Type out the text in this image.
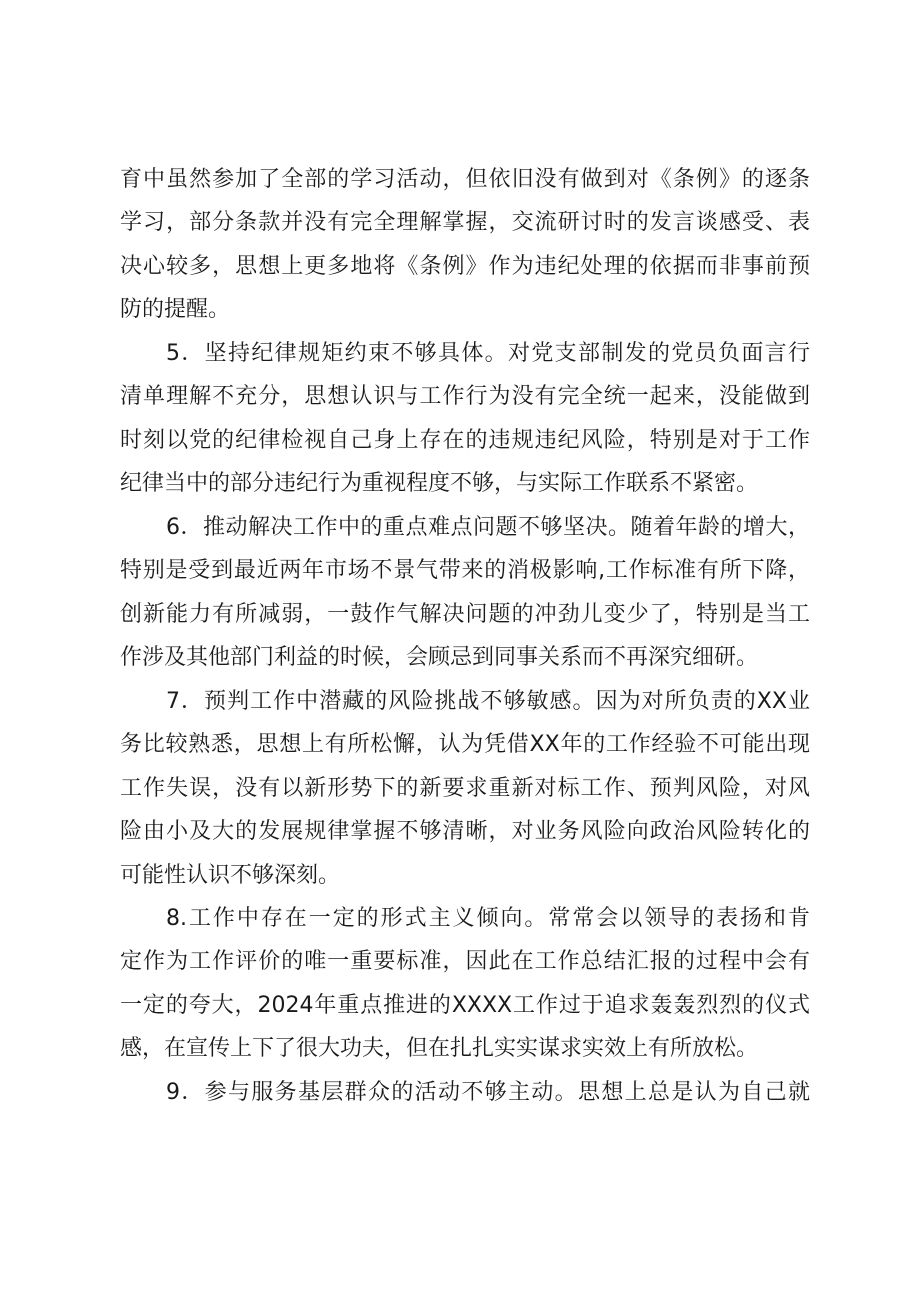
育中虽然参加了全部的学习活动，但依旧没有做到对《条例》的逐条
学习，部分条款并没有完全理解掌握，交流研讨时的发言谈感受、表
决心较多，思想上更多地将《条例》作为违纪处理的依据而非事前预
防的提醒。
5．坚持纪律规矩约束不够具体。对党支部制发的党员负面言行
清单理解不充分，思想认识与工作行为没有完全统一起来，没能做到
时刻以党的纪律检视自己身上存在的违规违纪风险，特别是对于工作
纪律当中的部分违纪行为重视程度不够，与实际工作联系不紧密。
6．推动解决工作中的重点难点问题不够坚决。随着年龄的增大，
特别是受到最近两年市场不景气带来的消极影响,工作标准有所下降，
创新能力有所减弱，一鼓作气解决问题的冲劲儿变少了，特别是当工
作涉及其他部门利益的时候，会顾忌到同事关系而不再深究细研。
7．预判工作中潜藏的风险挑战不够敏感。因为对所负责的XX业
务比较熟悉，思想上有所松懈，认为凭借XX年的工作经验不可能出现
工作失误，没有以新形势下的新要求重新对标工作、预判风险，对风
险由小及大的发展规律掌握不够清晰，对业务风险向政治风险转化的
可能性认识不够深刻。
8.工作中存在一定的形式主义倾向。常常会以领导的表扬和肯
定作为工作评价的唯一重要标准，因此在工作总结汇报的过程中会有
一定的夸大，2024年重点推进的XXXX工作过于追求轰轰烈烈的仪式
感，在宣传上下了很大功夫，但在扎扎实实谋求实效上有所放松。
9．参与服务基层群众的活动不够主动。思想上总是认为自己就
